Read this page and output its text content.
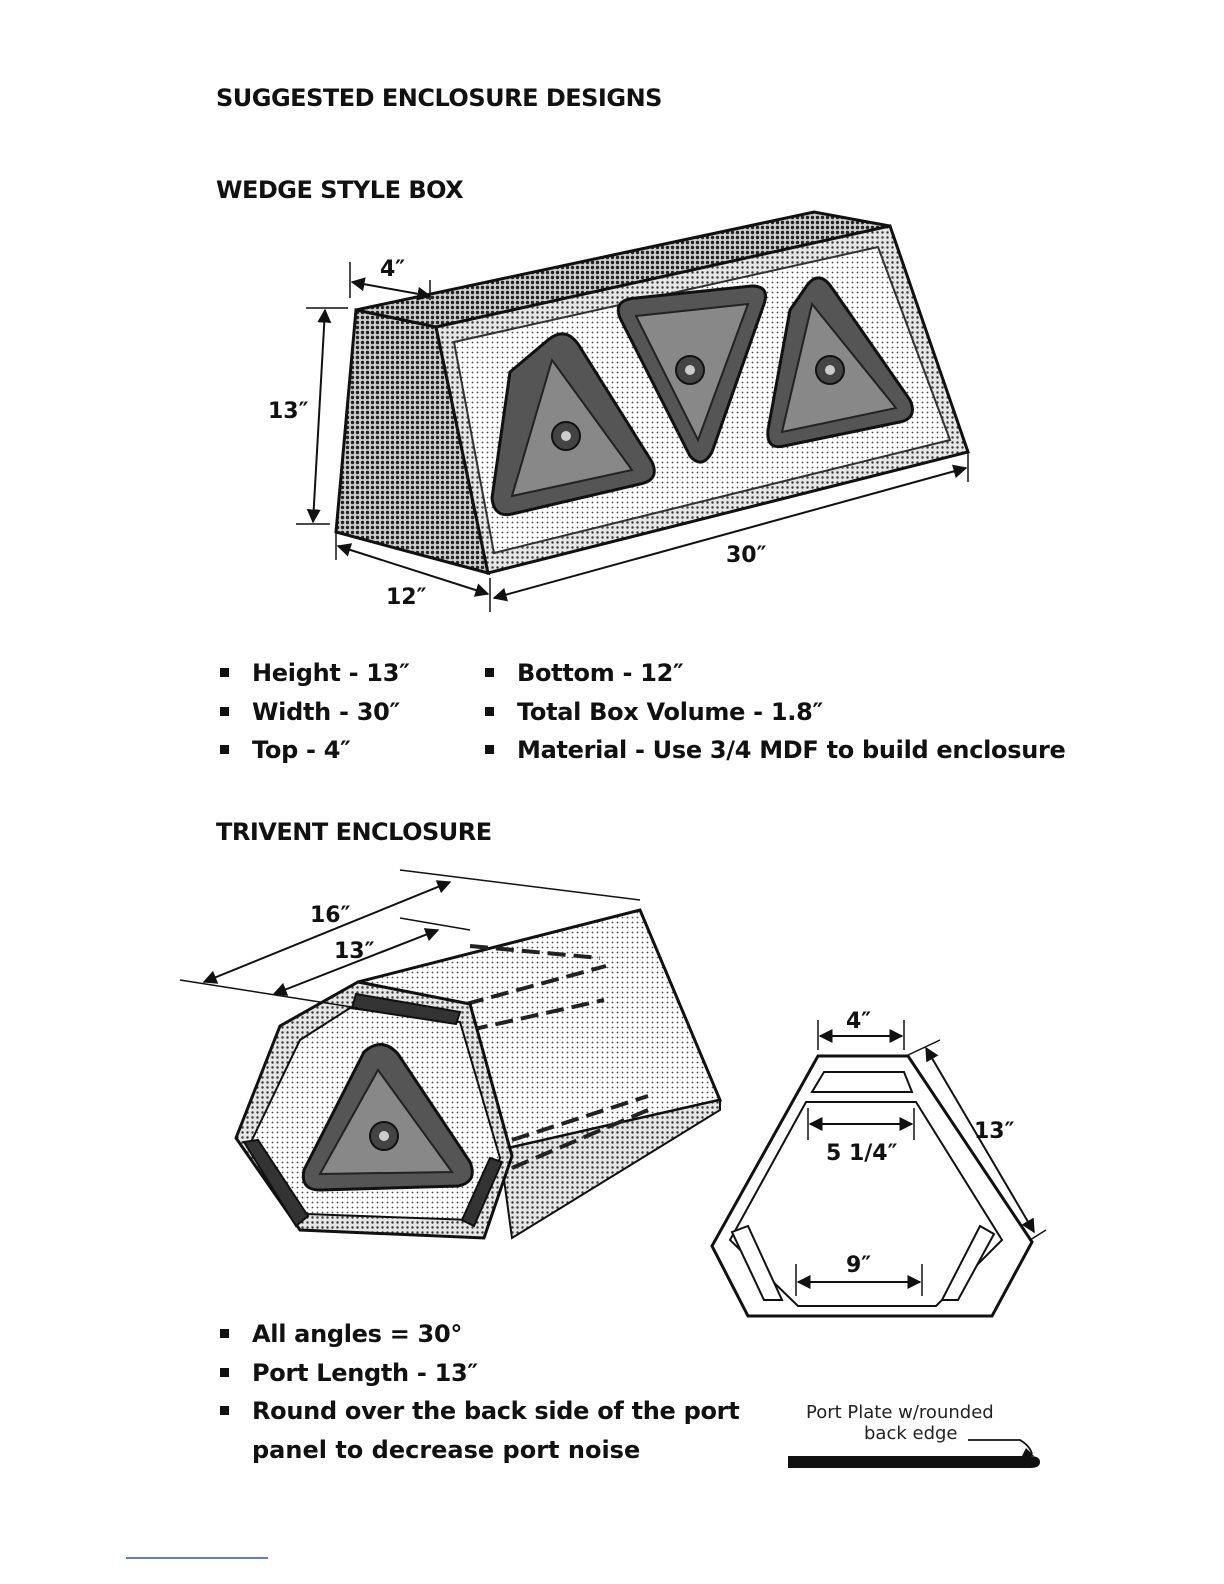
SUGGESTED ENCLOSURE DESIGNS
WEDGE STYLE BOX
TRIVENT ENCLOSURE
4″
13″
12″
30″
16″
13″
4″
5 1/4″
13″
9″
Height - 13″
Width - 30″
Top - 4″
Bottom - 12″
Total Box Volume - 1.8″
Material - Use 3/4 MDF to build enclosure
All angles = 30°
Port Length - 13″
Round over the back side of the port
panel to decrease port noise
Port Plate w/rounded
back edge
